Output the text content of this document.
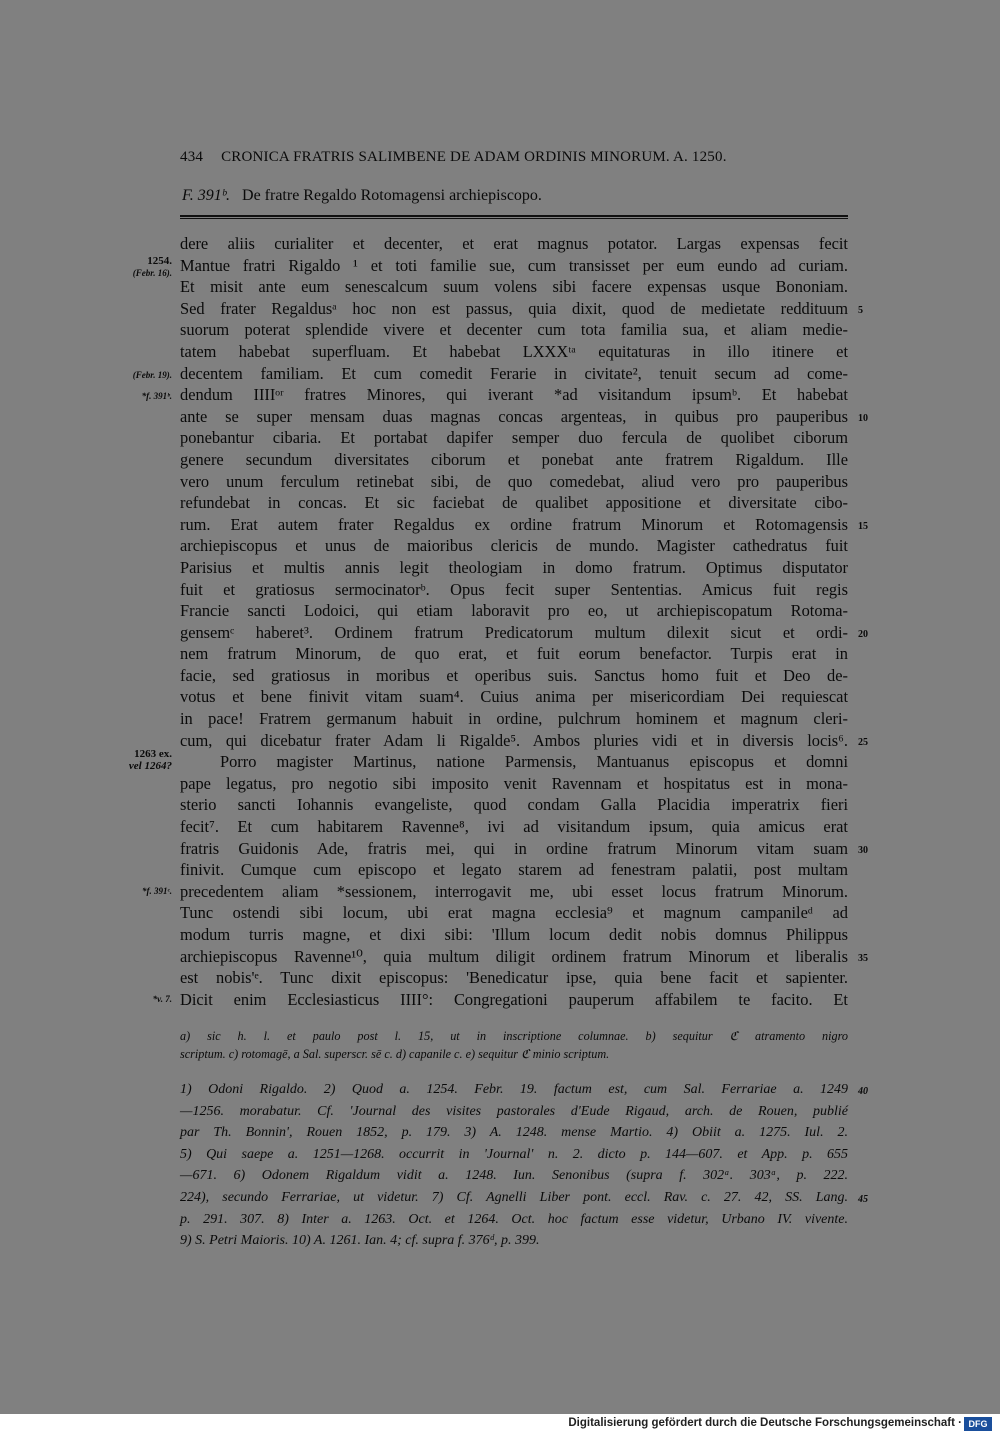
434 CRONICA FRATRIS SALIMBENE DE ADAM ORDINIS MINORUM. A. 1250.
F. 391ᵇ. De fratre Regaldo Rotomagensi archiepiscopo.
1254.
(Febr. 16).
(Febr. 19).
*f. 391ᵇ.
1263 ex.
vel 1264?
*f. 391ᶜ.
*v. 7.
dere aliis curialiter et decenter, et erat magnus potator. Largas expensas fecit
Mantue fratri Rigaldo ¹ et toti familie sue, cum transisset per eum eundo ad curiam.
Et misit ante eum senescalcum suum volens sibi facere expensas usque Bononiam.
Sed frater Regaldusᵃ hoc non est passus, quia dixit, quod de medietate reddituum 5
suorum poterat splendide vivere et decenter cum tota familia sua, et aliam medie-
tatem habebat superfluam. Et habebat LXXXᵗᵃ equitaturas in illo itinere et
decentem familiam. Et cum comedit Ferarie in civitate², tenuit secum ad come-
dendum IIIIᵒʳ fratres Minores, qui iverant *ad visitandum ipsumᵇ. Et habebat
ante se super mensam duas magnas concas argenteas, in quibus pro pauperibus 10
ponebantur cibaria. Et portabat dapifer semper duo fercula de quolibet ciborum
genere secundum diversitates ciborum et ponebat ante fratrem Rigaldum. Ille
vero unum ferculum retinebat sibi, de quo comedebat, aliud vero pro pauperibus
refundebat in concas. Et sic faciebat de qualibet appositione et diversitate cibo-
rum. Erat autem frater Regaldus ex ordine fratrum Minorum et Rotomagensis 15
archiepiscopus et unus de maioribus clericis de mundo. Magister cathedratus fuit
Parisius et multis annis legit theologiam in domo fratrum. Optimus disputator
fuit et gratiosus sermocinatorᵇ. Opus fecit super Sententias. Amicus fuit regis
Francie sancti Lodoici, qui etiam laboravit pro eo, ut archiepiscopatum Rotoma-
gensemᶜ haberet³. Ordinem fratrum Predicatorum multum dilexit sicut et ordi- 20
nem fratrum Minorum, de quo erat, et fuit eorum benefactor. Turpis erat in
facie, sed gratiosus in moribus et operibus suis. Sanctus homo fuit et Deo de-
votus et bene finivit vitam suam⁴. Cuius anima per misericordiam Dei requiescat
in pace! Fratrem germanum habuit in ordine, pulchrum hominem et magnum cleri-
cum, qui dicebatur frater Adam li Rigalde⁵. Ambos pluries vidi et in diversis locis⁶. 25
Porro magister Martinus, natione Parmensis, Mantuanus episcopus et domni
pape legatus, pro negotio sibi imposito venit Ravennam et hospitatus est in mona-
sterio sancti Iohannis evangeliste, quod condam Galla Placidia imperatrix fieri
fecit⁷. Et cum habitarem Ravenne⁸, ivi ad visitandum ipsum, quia amicus erat
fratris Guidonis Ade, fratris mei, qui in ordine fratrum Minorum vitam suam 30
finivit. Cumque cum episcopo et legato starem ad fenestram palatii, post multam
precedentem aliam *sessionem, interrogavit me, ubi esset locus fratrum Minorum.
Tunc ostendi sibi locum, ubi erat magna ecclesia⁹ et magnum campanileᵈ ad
modum turris magne, et dixi sibi: 'Illum locum dedit nobis domnus Philippus
archiepiscopus Ravenne¹⁰, quia multum diligit ordinem fratrum Minorum et liberalis 35
est nobis'ᵉ. Tunc dixit episcopus: 'Benedicatur ipse, quia bene facit et sapienter.
Dicit enim Ecclesiasticus IIII°: Congregationi pauperum affabilem te facito. Et
a) sic h. l. et paulo post l. 15, ut in inscriptione columnae. b) sequitur ℭ atramento nigro
scriptum. c) rotomagē, a Sal. superscr. sē c. d) capanile c. e) sequitur ℭ minio scriptum.
1) Odoni Rigaldo. 2) Quod a. 1254. Febr. 19. factum est, cum Sal. Ferrariae a. 1249 40
—1256. morabatur. Cf. 'Journal des visites pastorales d'Eude Rigaud, arch. de Rouen, publié
par Th. Bonnin', Rouen 1852, p. 179. 3) A. 1248. mense Martio. 4) Obiit a. 1275. Iul. 2.
5) Qui saepe a. 1251—1268. occurrit in 'Journal' n. 2. dicto p. 144—607. et App. p. 655
—671. 6) Odonem Rigaldum vidit a. 1248. Iun. Senonibus (supra f. 302ᵃ. 303ᵃ, p. 222.
224), secundo Ferrariae, ut videtur. 7) Cf. Agnelli Liber pont. eccl. Rav. c. 27. 42, SS. Lang. 45
p. 291. 307. 8) Inter a. 1263. Oct. et 1264. Oct. hoc factum esse videtur, Urbano IV. vivente.
9) S. Petri Maioris. 10) A. 1261. Ian. 4; cf. supra f. 376ᵈ, p. 399.
Digitalisierung gefördert durch die Deutsche Forschungsgemeinschaft · DFG
